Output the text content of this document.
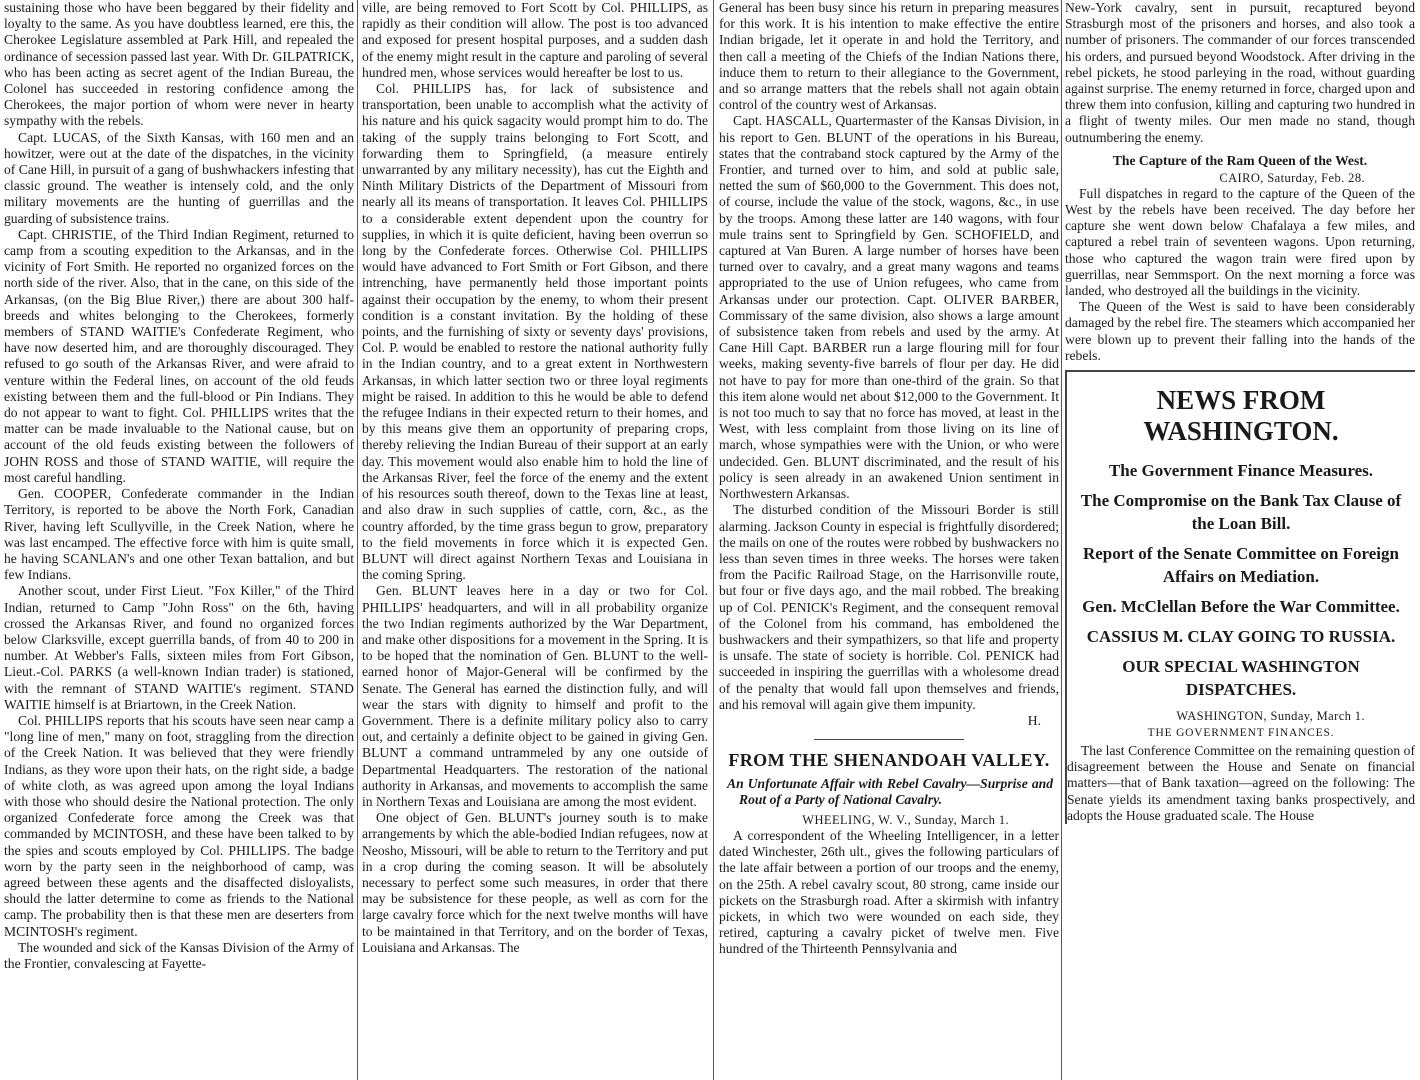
sustaining those who have been beggared by their fidelity and loyalty to the same. As you have doubtless learned, ere this, the Cherokee Legislature assembled at Park Hill, and repealed the ordinance of secession passed last year. With Dr. GILPATRICK, who has been acting as secret agent of the Indian Bureau, the Colonel has succeeded in restoring confidence among the Cherokees, the major portion of whom were never in hearty sympathy with the rebels.

Capt. LUCAS, of the Sixth Kansas, with 160 men and an howitzer, were out at the date of the dispatches, in the vicinity of Cane Hill, in pursuit of a gang of bushwhackers infesting that classic ground. The weather is intensely cold, and the only military movements are the hunting of guerrillas and the guarding of subsistence trains.

Capt. CHRISTIE, of the Third Indian Regiment, returned to camp from a scouting expedition to the Arkansas, and in the vicinity of Fort Smith. He reported no organized forces on the north side of the river. Also, that in the cane, on this side of the Arkansas, (on the Big Blue River,) there are about 300 half-breeds and whites belonging to the Cherokees, formerly members of STAND WAITIE's Confederate Regiment, who have now deserted him, and are thoroughly discouraged. They refused to go south of the Arkansas River, and were afraid to venture within the Federal lines, on account of the old feuds existing between them and the full-blood or Pin Indians. They do not appear to want to fight. Col. PHILLIPS writes that the matter can be made invaluable to the National cause, but on account of the old feuds existing between the followers of JOHN ROSS and those of STAND WAITIE, will require the most careful handling.

Gen. COOPER, Confederate commander in the Indian Territory, is reported to be above the North Fork, Canadian River, having left Scullyville, in the Creek Nation, where he was last encamped. The effective force with him is quite small, he having SCANLAN's and one other Texan battalion, and but few Indians.

Another scout, under First Lieut. "Fox Killer," of the Third Indian, returned to Camp "John Ross" on the 6th, having crossed the Arkansas River, and found no organized forces below Clarksville, except guerrilla bands, of from 40 to 200 in number. At Webber's Falls, sixteen miles from Fort Gibson, Lieut.-Col. PARKS (a well-known Indian trader) is stationed, with the remnant of STAND WAITIE's regiment. STAND WAITIE himself is at Briartown, in the Creek Nation.

Col. PHILLIPS reports that his scouts have seen near camp a "long line of men," many on foot, straggling from the direction of the Creek Nation. It was believed that they were friendly Indians, as they wore upon their hats, on the right side, a badge of white cloth, as was agreed upon among the loyal Indians with those who should desire the National protection. The only organized Confederate force among the Creek was that commanded by MCINTOSH, and these have been talked to by the spies and scouts employed by Col. PHILLIPS. The badge worn by the party seen in the neighborhood of camp, was agreed between these agents and the disaffected disloyalists, should the latter determine to come as friends to the National camp. The probability then is that these men are deserters from MCINTOSH's regiment.

The wounded and sick of the Kansas Division of the Army of the Frontier, convalescing at Fayette-

ville, are being removed to Fort Scott by Col. PHILLIPS, as rapidly as their condition will allow. The post is too advanced and exposed for present hospital purposes, and a sudden dash of the enemy might result in the capture and paroling of several hundred men, whose services would hereafter be lost to us.

Col. PHILLIPS has, for lack of subsistence and transportation, been unable to accomplish what the activity of his nature and his quick sagacity would prompt him to do. The taking of the supply trains belonging to Fort Scott, and forwarding them to Springfield, (a measure entirely unwarranted by any military necessity), has cut the Eighth and Ninth Military Districts of the Department of Missouri from nearly all its means of transportation. It leaves Col. PHILLIPS to a considerable extent dependent upon the country for supplies, in which it is quite deficient, having been overrun so long by the Confederate forces. Otherwise Col. PHILLIPS would have advanced to Fort Smith or Fort Gibson, and there intrenching, have permanently held those important points against their occupation by the enemy, to whom their present condition is a constant invitation. By the holding of these points, and the furnishing of sixty or seventy days' provisions, Col. P. would be enabled to restore the national authority fully in the Indian country, and to a great extent in Northwestern Arkansas, in which latter section two or three loyal regiments might be raised. In addition to this he would be able to defend the refugee Indians in their expected return to their homes, and by this means give them an opportunity of preparing crops, thereby relieving the Indian Bureau of their support at an early day. This movement would also enable him to hold the line of the Arkansas River, feel the force of the enemy and the extent of his resources south thereof, down to the Texas line at least, and also draw in such supplies of cattle, corn, &c., as the country afforded, by the time grass begun to grow, preparatory to the field movements in force which it is expected Gen. BLUNT will direct against Northern Texas and Louisiana in the coming Spring.

Gen. BLUNT leaves here in a day or two for Col. PHILLIPS' headquarters, and will in all probability organize the two Indian regiments authorized by the War Department, and make other dispositions for a movement in the Spring. It is to be hoped that the nomination of Gen. BLUNT to the well-earned honor of Major-General will be confirmed by the Senate. The General has earned the distinction fully, and will wear the stars with dignity to himself and profit to the Government. There is a definite military policy also to carry out, and certainly a definite object to be gained in giving Gen. BLUNT a command untrammeled by any one outside of Departmental Headquarters. The restoration of the national authority in Arkansas, and movements to accomplish the same in Northern Texas and Louisiana are among the most evident.

One object of Gen. BLUNT's journey south is to make arrangements by which the able-bodied Indian refugees, now at Neosho, Missouri, will be able to return to the Territory and put in a crop during the coming season. It will be absolutely necessary to perfect some such measures, in order that there may be subsistence for these people, as well as corn for the large cavalry force which for the next twelve months will have to be maintained in that Territory, and on the border of Texas, Louisiana and Arkansas. The

General has been busy since his return in preparing measures for this work. It is his intention to make effective the entire Indian brigade, let it operate in and hold the Territory, and then call a meeting of the Chiefs of the Indian Nations there, induce them to return to their allegiance to the Government, and so arrange matters that the rebels shall not again obtain control of the country west of Arkansas.

Capt. HASCALL, Quartermaster of the Kansas Division, in his report to Gen. BLUNT of the operations in his Bureau, states that the contraband stock captured by the Army of the Frontier, and turned over to him, and sold at public sale, netted the sum of $60,000 to the Government. This does not, of course, include the value of the stock, wagons, &c., in use by the troops. Among these latter are 140 wagons, with four mule trains sent to Springfield by Gen. SCHOFIELD, and captured at Van Buren. A large number of horses have been turned over to cavalry, and a great many wagons and teams appropriated to the use of Union refugees, who came from Arkansas under our protection. Capt. OLIVER BARBER, Commissary of the same division, also shows a large amount of subsistence taken from rebels and used by the army. At Cane Hill Capt. BARBER run a large flouring mill for four weeks, making seventy-five barrels of flour per day. He did not have to pay for more than one-third of the grain. So that this item alone would net about $12,000 to the Government. It is not too much to say that no force has moved, at least in the West, with less complaint from those living on its line of march, whose sympathies were with the Union, or who were undecided. Gen. BLUNT discriminated, and the result of his policy is seen already in an awakened Union sentiment in Northwestern Arkansas.

The disturbed condition of the Missouri Border is still alarming. Jackson County in especial is frightfully disordered; the mails on one of the routes were robbed by bushwackers no less than seven times in three weeks. The horses were taken from the Pacific Railroad Stage, on the Harrisonville route, but four or five days ago, and the mail robbed. The breaking up of Col. PENICK's Regiment, and the consequent removal of the Colonel from his command, has emboldened the bushwackers and their sympathizers, so that life and property is unsafe. The state of society is horrible. Col. PENICK had succeeded in inspiring the guerrillas with a wholesome dread of the penalty that would fall upon themselves and friends, and his removal will again give them impunity.

H.
FROM THE SHENANDOAH VALLEY.
An Unfortunate Affair with Rebel Cavalry—Surprise and Rout of a Party of National Cavalry.
WHEELING, W. V., Sunday, March 1.

A correspondent of the Wheeling Intelligencer, in a letter dated Winchester, 26th ult., gives the following particulars of the late affair between a portion of our troops and the enemy, on the 25th. A rebel cavalry scout, 80 strong, came inside our pickets on the Strasburgh road. After a skirmish with infantry pickets, in which two were wounded on each side, they retired, capturing a cavalry picket of twelve men. Five hundred of the Thirteenth Pennsylvania and

New-York cavalry, sent in pursuit, recaptured beyond Strasburgh most of the prisoners and horses, and also took a number of prisoners. The commander of our forces transcended his orders, and pursued beyond Woodstock. After driving in the rebel pickets, he stood parleying in the road, without guarding against surprise. The enemy returned in force, charged upon and threw them into confusion, killing and capturing two hundred in a flight of twenty miles. Our men made no stand, though outnumbering the enemy.

The Capture of the Ram Queen of the West.
CAIRO, Saturday, Feb. 28.

Full dispatches in regard to the capture of the Queen of the West by the rebels have been received. The day before her capture she went down below Chafalaya a few miles, and captured a rebel train of seventeen wagons. Upon returning, those who captured the wagon train were fired upon by guerrillas, near Semmsport. On the next morning a force was landed, who destroyed all the buildings in the vicinity.

The Queen of the West is said to have been considerably damaged by the rebel fire. The steamers which accompanied her were blown up to prevent their falling into the hands of the rebels.

NEWS FROM WASHINGTON.
The Government Finance Measures.
The Compromise on the Bank Tax Clause of the Loan Bill.
Report of the Senate Committee on Foreign Affairs on Mediation.
Gen. McClellan Before the War Committee.
CASSIUS M. CLAY GOING TO RUSSIA.
OUR SPECIAL WASHINGTON DISPATCHES.
WASHINGTON, Sunday, March 1.
THE GOVERNMENT FINANCES.

The last Conference Committee on the remaining question of disagreement between the House and Senate on financial matters—that of Bank taxation—agreed on the following: The Senate yields its amendment taxing banks prospectively, and adopts the House graduated scale. The House
